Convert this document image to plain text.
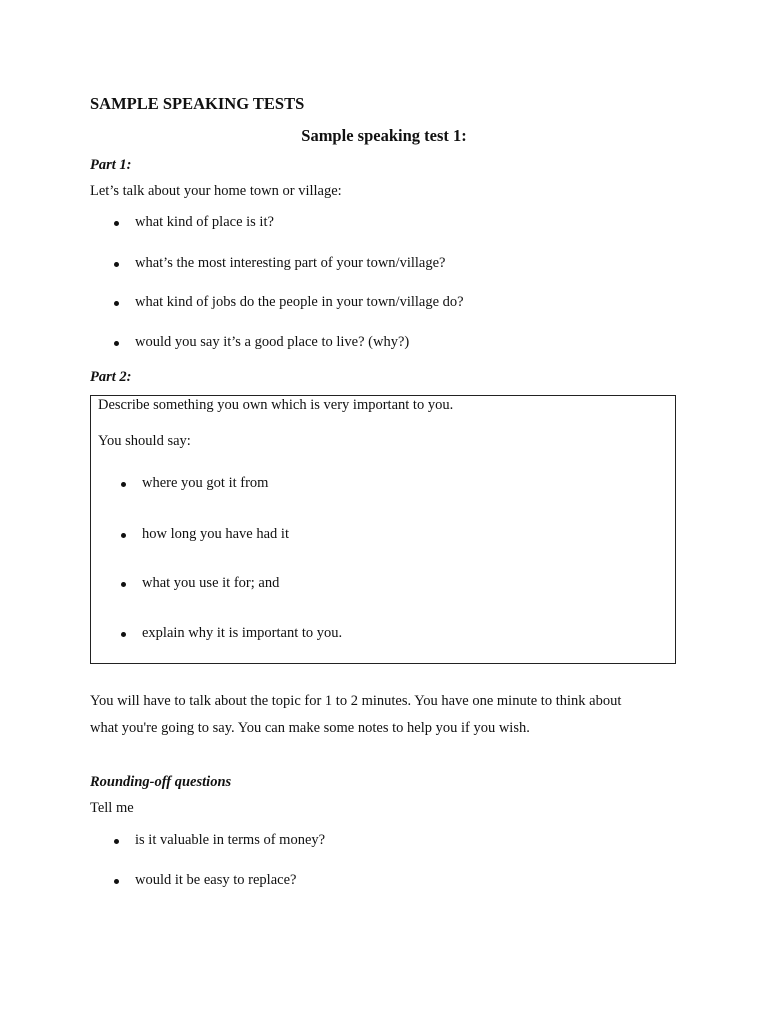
SAMPLE SPEAKING TESTS
Sample speaking test 1:
Part 1:
Let’s talk about your home town or village:
what kind of place is it?
what’s the most interesting part of your town/village?
what kind of jobs do the people in your town/village do?
would you say it’s a good place to live? (why?)
Part 2:
Describe something you own which is very important to you.
You should say:
where you got it from
how long you have had it
what you use it for; and
explain why it is important to you.
You will have to talk about the topic for 1 to 2 minutes. You have one minute to think about
what you're going to say. You can make some notes to help you if you wish.
Rounding-off questions
Tell me
is it valuable in terms of money?
would it be easy to replace?
